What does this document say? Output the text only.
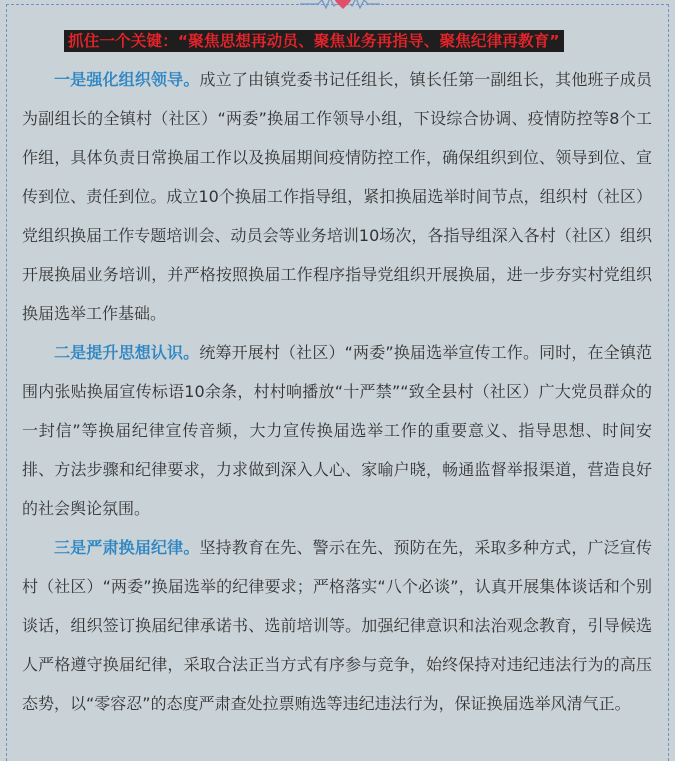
抓住一个关键：“聚焦思想再动员、聚焦业务再指导、聚焦纪律再教育”

一是强化组织领导。成立了由镇党委书记任组长，镇长任第一副组长，其他班子成员为副组长的全镇村（社区）“两委”换届工作领导小组，下设综合协调、疫情防控等8个工作组，具体负责日常换届工作以及换届期间疫情防控工作，确保组织到位、领导到位、宣传到位、责任到位。成立10个换届工作指导组，紧扣换届选举时间节点，组织村（社区）党组织换届工作专题培训会、动员会等业务培训10场次，各指导组深入各村（社区）组织开展换届业务培训，并严格按照换届工作程序指导党组织开展换届，进一步夯实村党组织换届选举工作基础。

二是提升思想认识。统筹开展村（社区）“两委”换届选举宣传工作。同时，在全镇范围内张贴换届宣传标语10余条，村村响播放“十严禁”“致全县村（社区）广大党员群众的一封信”等换届纪律宣传音频，大力宣传换届选举工作的重要意义、指导思想、时间安排、方法步骤和纪律要求，力求做到深入人心、家喻户晓，畅通监督举报渠道，营造良好的社会舆论氛围。

三是严肃换届纪律。坚持教育在先、警示在先、预防在先，采取多种方式，广泛宣传村（社区）“两委”换届选举的纪律要求；严格落实“八个必谈”，认真开展集体谈话和个别谈话，组织签订换届纪律承诺书、选前培训等。加强纪律意识和法治观念教育，引导候选人严格遵守换届纪律，采取合法正当方式有序参与竞争，始终保持对违纪违法行为的高压态势，以“零容忍”的态度严肃查处拉票贿选等违纪违法行为，保证换届选举风清气正。
